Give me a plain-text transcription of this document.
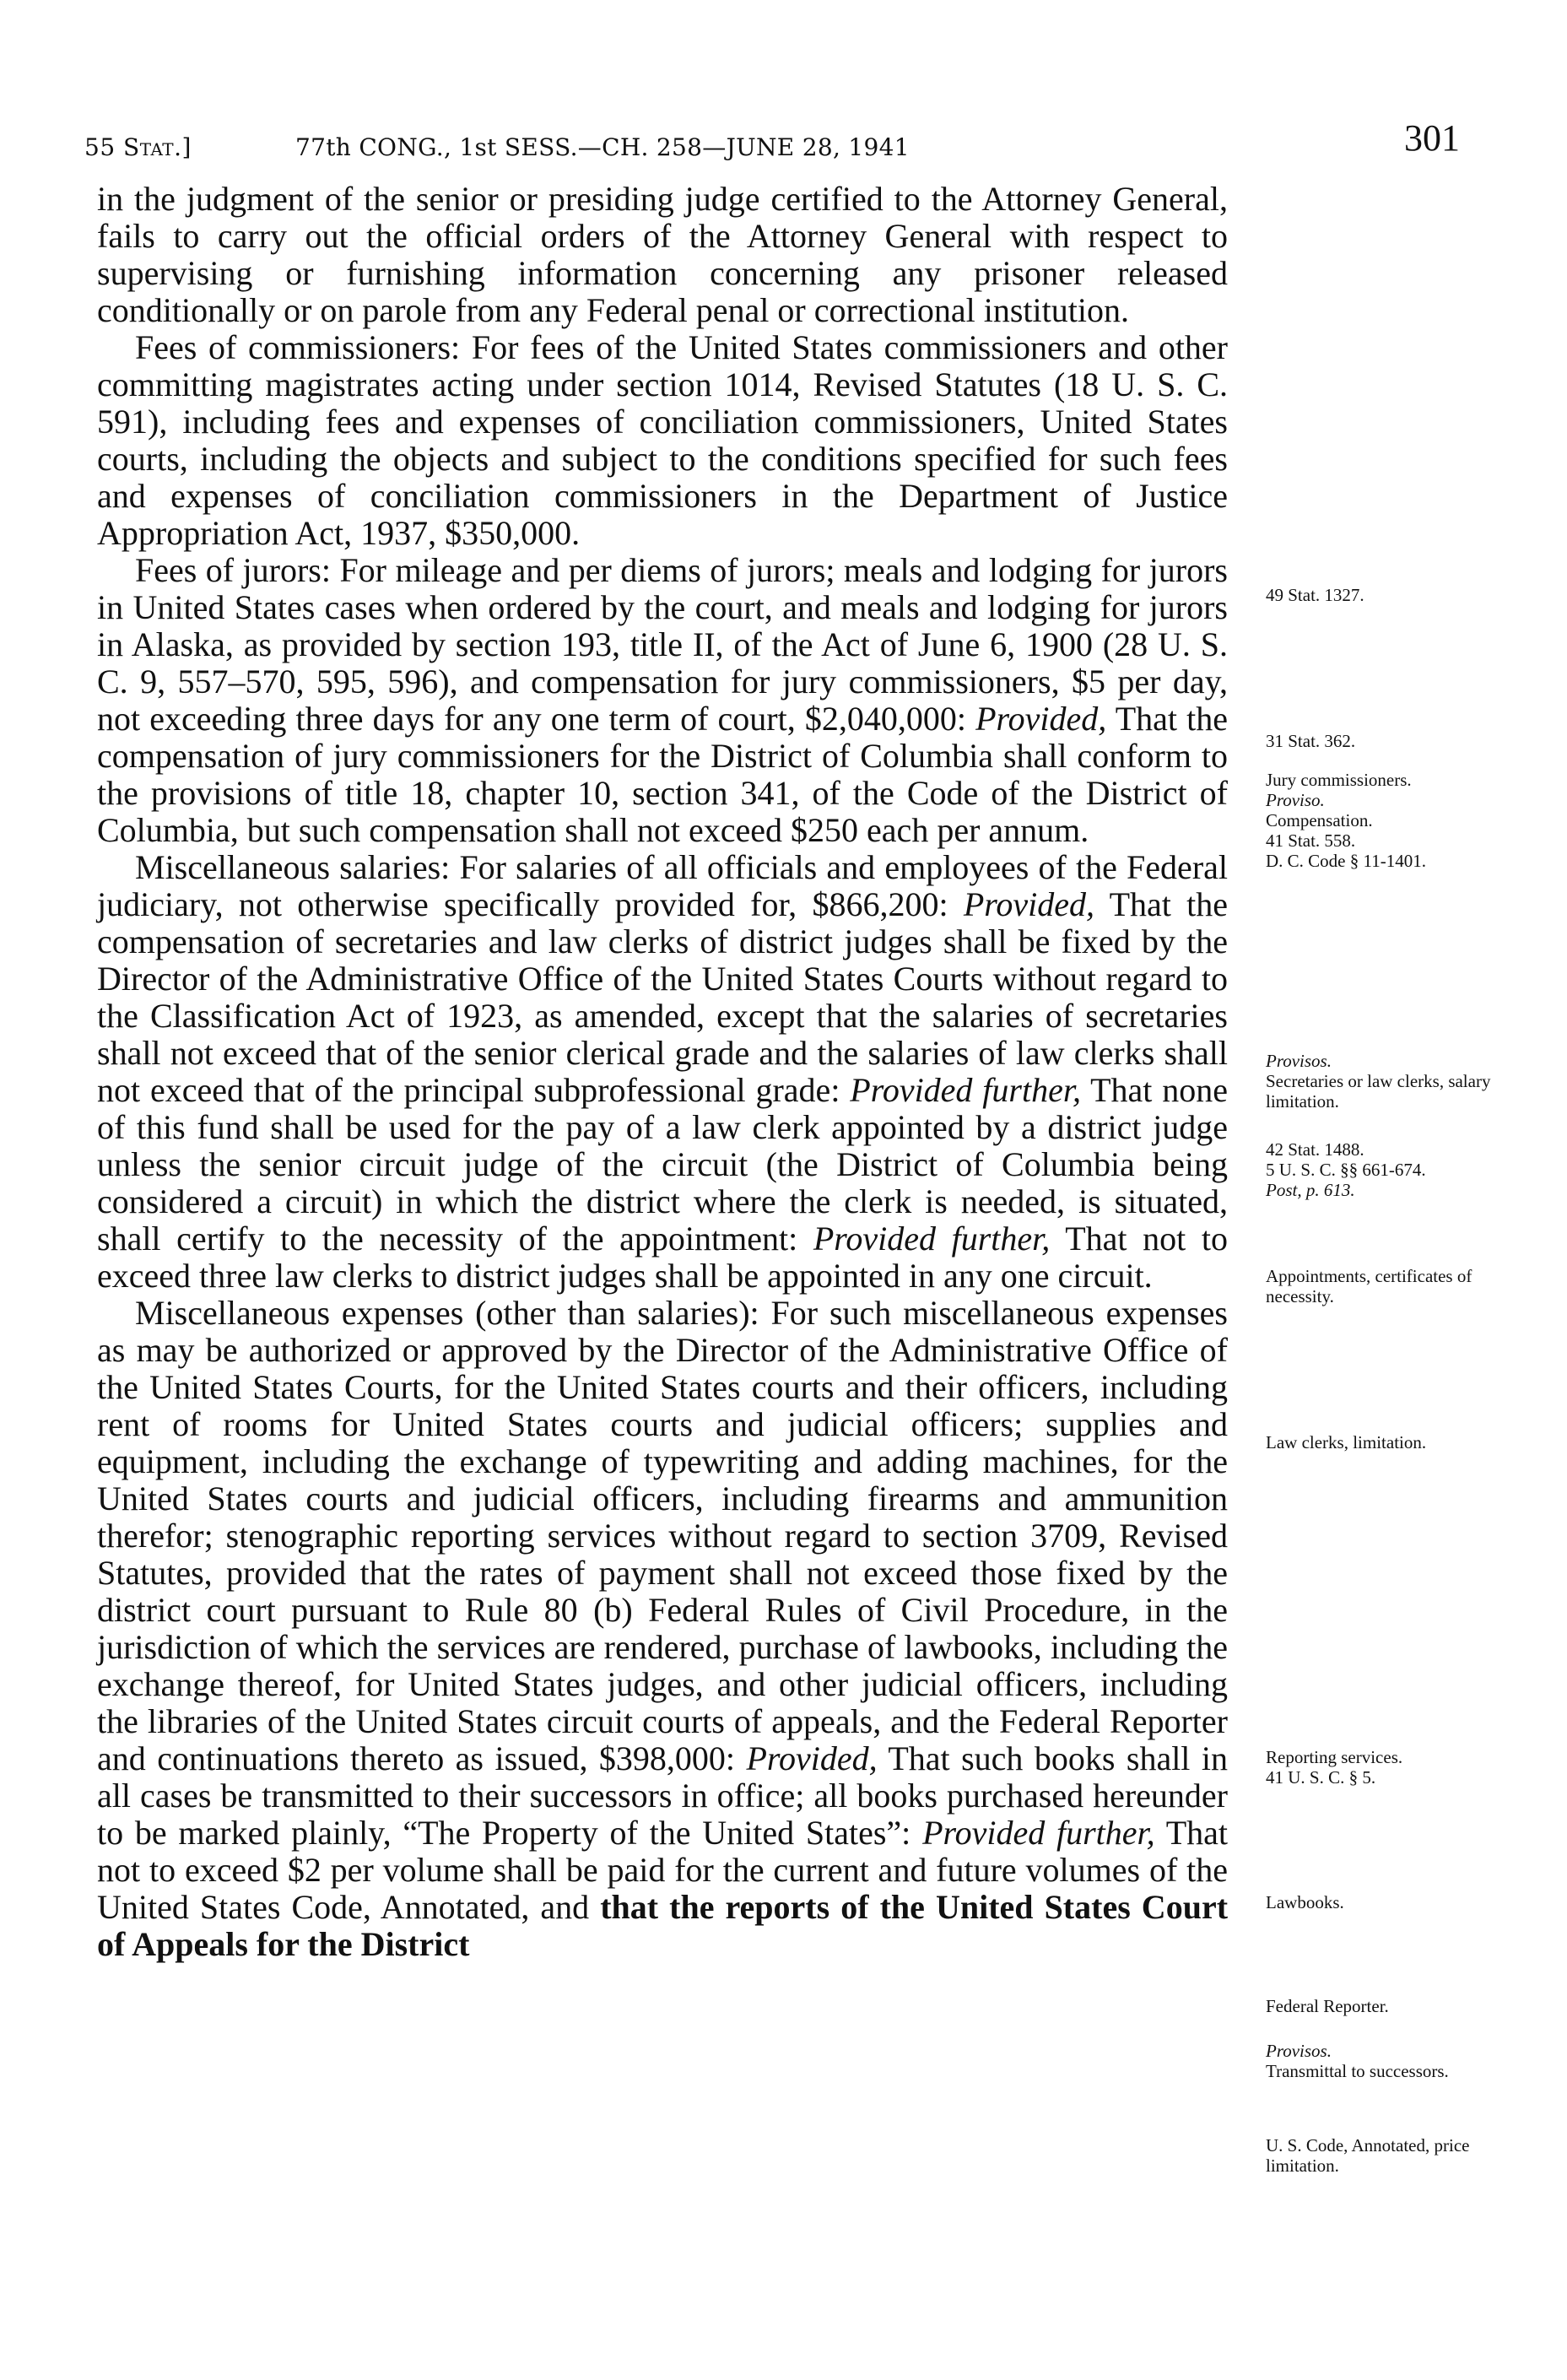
55 Stat.]	77th CONG., 1st SESS.—CH. 258—JUNE 28, 1941	301

in the judgment of the senior or presiding judge certified to the Attorney General, fails to carry out the official orders of the Attorney General with respect to supervising or furnishing information concerning any prisoner released conditionally or on parole from any Federal penal or correctional institution.

Fees of commissioners: For fees of the United States commissioners and other committing magistrates acting under section 1014, Revised Statutes (18 U. S. C. 591), including fees and expenses of conciliation commissioners, United States courts, including the objects and subject to the conditions specified for such fees and expenses of conciliation commissioners in the Department of Justice Appropriation Act, 1937, $350,000.

Fees of jurors: For mileage and per diems of jurors; meals and lodging for jurors in United States cases when ordered by the court, and meals and lodging for jurors in Alaska, as provided by section 193, title II, of the Act of June 6, 1900 (28 U. S. C. 9, 557–570, 595, 596), and compensation for jury commissioners, $5 per day, not exceeding three days for any one term of court, $2,040,000: Provided, That the compensation of jury commissioners for the District of Columbia shall conform to the provisions of title 18, chapter 10, section 341, of the Code of the District of Columbia, but such compensation shall not exceed $250 each per annum.

Miscellaneous salaries: For salaries of all officials and employees of the Federal judiciary, not otherwise specifically provided for, $866,200: Provided, That the compensation of secretaries and law clerks of district judges shall be fixed by the Director of the Administrative Office of the United States Courts without regard to the Classification Act of 1923, as amended, except that the salaries of secretaries shall not exceed that of the senior clerical grade and the salaries of law clerks shall not exceed that of the principal subprofessional grade: Provided further, That none of this fund shall be used for the pay of a law clerk appointed by a district judge unless the senior circuit judge of the circuit (the District of Columbia being considered a circuit) in which the district where the clerk is needed, is situated, shall certify to the necessity of the appointment: Provided further, That not to exceed three law clerks to district judges shall be appointed in any one circuit.

Miscellaneous expenses (other than salaries): For such miscellaneous expenses as may be authorized or approved by the Director of the Administrative Office of the United States Courts, for the United States courts and their officers, including rent of rooms for United States courts and judicial officers; supplies and equipment, including the exchange of typewriting and adding machines, for the United States courts and judicial officers, including firearms and ammunition therefor; stenographic reporting services without regard to section 3709, Revised Statutes, provided that the rates of payment shall not exceed those fixed by the district court pursuant to Rule 80 (b) Federal Rules of Civil Procedure, in the jurisdiction of which the services are rendered, purchase of lawbooks, including the exchange thereof, for United States judges, and other judicial officers, including the libraries of the United States circuit courts of appeals, and the Federal Reporter and continuations thereto as issued, $398,000: Provided, That such books shall in all cases be transmitted to their successors in office; all books purchased hereunder to be marked plainly, “The Property of the United States”: Provided further, That not to exceed $2 per volume shall be paid for the current and future volumes of the United States Code, Annotated, and that the reports of the United States Court of Appeals for the District

49 Stat. 1327.
31 Stat. 362.
Jury commissioners.
Proviso.
Compensation.
41 Stat. 558.
D. C. Code § 11-1401.
Provisos.
Secretaries or law clerks, salary limitation.
42 Stat. 1488.
5 U. S. C. §§ 661-674.
Post, p. 613.
Appointments, certificates of necessity.
Law clerks, limitation.
Reporting services.
41 U. S. C. § 5.
Lawbooks.
Federal Reporter.
Provisos.
Transmittal to successors.
U. S. Code, Annotated, price limitation.
